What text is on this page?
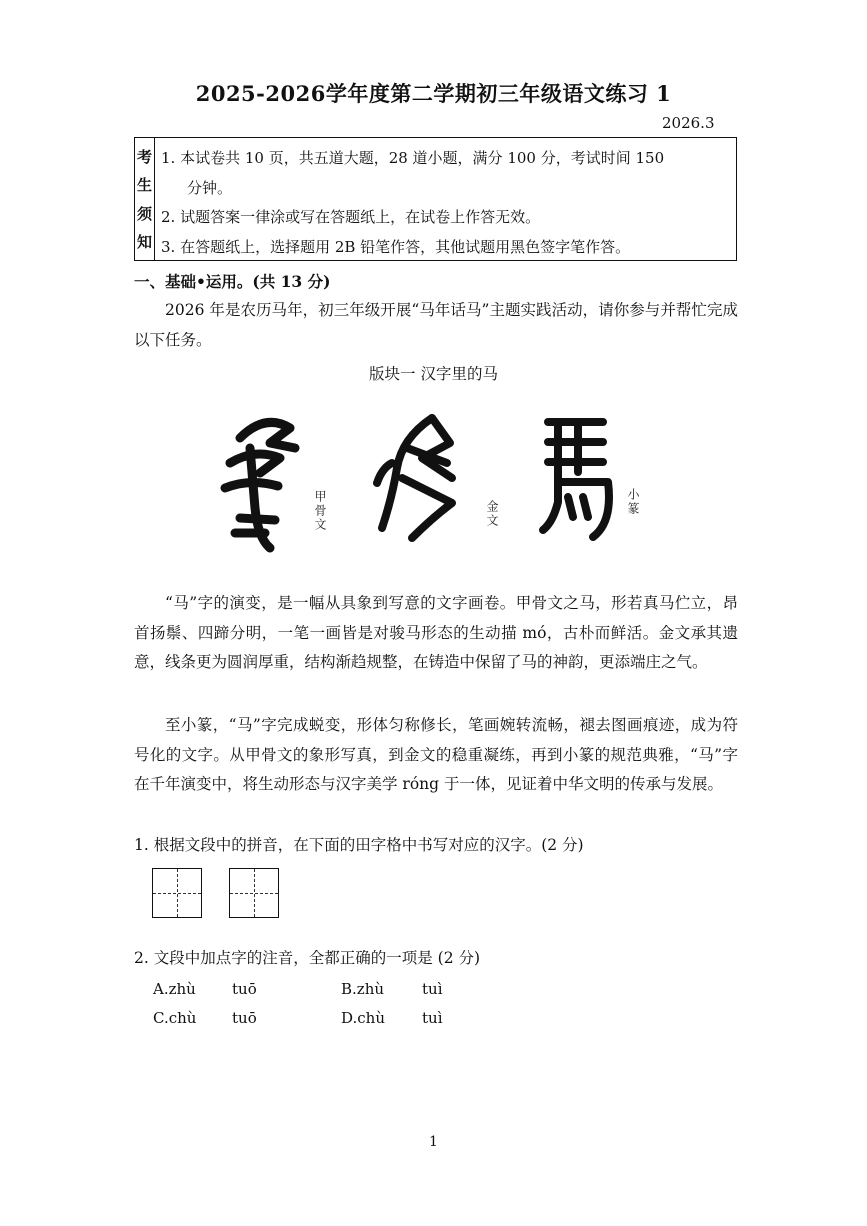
2025-2026学年度第二学期初三年级语文练习 1
2026.3
考
生
须
知
1. 本试卷共 10 页，共五道大题，28 道小题，满分 100 分，考试时间 150
分钟。
2. 试题答案一律涂或写在答题纸上，在试卷上作答无效。
3. 在答题纸上，选择题用 2B 铅笔作答，其他试题用黑色签字笔作答。
一、基础•运用。(共 13 分)
2026 年是农历马年，初三年级开展“马年话马”主题实践活动，请你参与并帮忙完成以下任务。
版块一 汉字里的马
甲骨文	金文	小篆
“马”字的演变，是一幅从具象到写意的文字画卷。甲骨文之马，形若真马伫立，昂首扬鬃、四蹄分明，一笔一画皆是对骏马形态的生动描 mó，古朴而鲜活。金文承其遗意，线条更为圆润厚重，结构渐趋规整，在铸造中保留了马的神韵，更添端庄之气。
至小篆，“马”字完成蜕变，形体匀称修长，笔画婉转流畅，褪去图画痕迹，成为符号化的文字。从甲骨文的象形写真，到金文的稳重凝练，再到小篆的规范典雅，“马”字在千年演变中，将生动形态与汉字美学 róng 于一体，见证着中华文明的传承与发展。
1. 根据文段中的拼音，在下面的田字格中书写对应的汉字。(2 分)
2. 文段中加点字的注音，全都正确的一项是 (2 分)
A.zhù tuō	B.zhù	tuì
C.chù tuō	D.chù tuì
1
